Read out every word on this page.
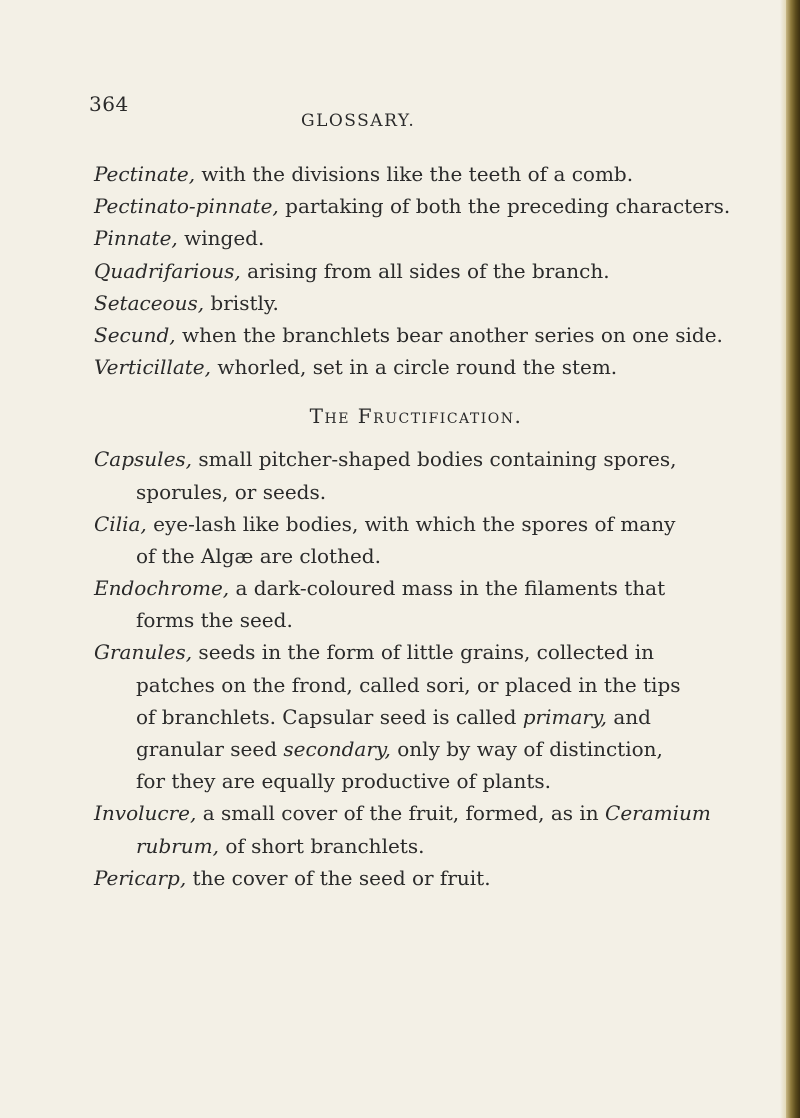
364
GLOSSARY.
Pectinate, with the divisions like the teeth of a comb.
Pectinato-pinnate, partaking of both the preceding characters.
Pinnate, winged.
Quadrifarious, arising from all sides of the branch.
Setaceous, bristly.
Secund, when the branchlets bear another series on one side.
Verticillate, whorled, set in a circle round the stem.
The Fructification.
Capsules, small pitcher-shaped bodies containing spores,
sporules, or seeds.
Cilia, eye-lash like bodies, with which the spores of many
of the Algæ are clothed.
Endochrome, a dark-coloured mass in the filaments that
forms the seed.
Granules, seeds in the form of little grains, collected in
patches on the frond, called sori, or placed in the tips
of branchlets. Capsular seed is called primary, and
granular seed secondary, only by way of distinction,
for they are equally productive of plants.
Involucre, a small cover of the fruit, formed, as in Ceramium
rubrum, of short branchlets.
Pericarp, the cover of the seed or fruit.
